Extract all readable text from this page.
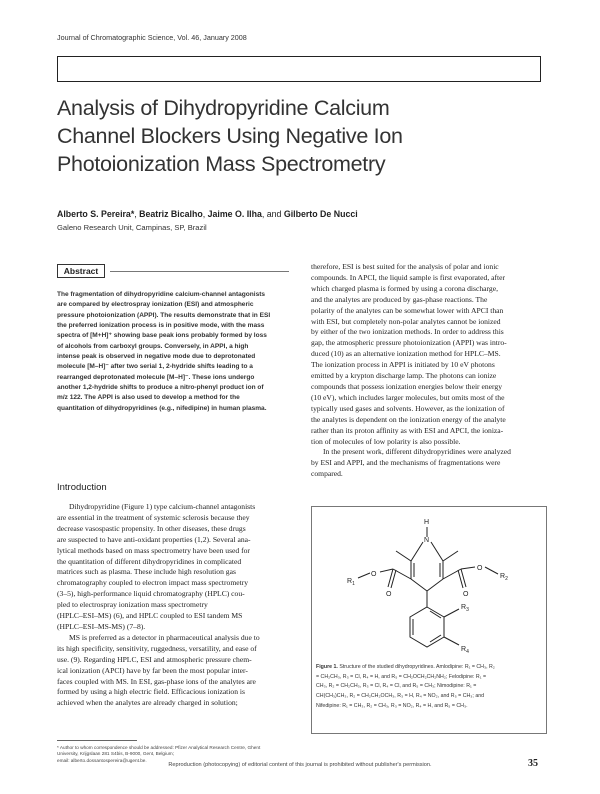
Journal of Chromatographic Science, Vol. 46, January 2008
Analysis of Dihydropyridine Calcium
Channel Blockers Using Negative Ion
Photoionization Mass Spectrometry
Alberto S. Pereira*, Beatriz Bicalho, Jaime O. Ilha, and Gilberto De Nucci
Galeno Research Unit, Campinas, SP, Brazil
Abstract
The fragmentation of dihydropyridine calcium-channel antagonists
are compared by electrospray ionization (ESI) and atmospheric
pressure photoionization (APPI). The results demonstrate that in ESI
the preferred ionization process is in positive mode, with the mass
spectra of [M+H]⁺ showing base peak ions probably formed by loss
of alcohols from carboxyl groups. Conversely, in APPI, a high
intense peak is observed in negative mode due to deprotonated
molecule [M–H]⁻ after two serial 1, 2-hydride shifts leading to a
rearranged deprotonated molecule [M–H]⁻. These ions undergo
another 1,2-hydride shifts to produce a nitro-phenyl product ion of
m/z 122. The APPI is also used to develop a method for the
quantitation of dihydropyridines (e.g., nifedipine) in human plasma.
Introduction
Dihydropyridine (Figure 1) type calcium-channel antagonists
are essential in the treatment of systemic sclerosis because they
decrease vasospastic propensity. In other diseases, these drugs
are suspected to have anti-oxidant properties (1,2). Several ana-
lytical methods based on mass spectrometry have been used for
the quantitation of different dihydropyridines in complicated
matrices such as plasma. These include high resolution gas
chromatography coupled to electron impact mass spectrometry
(3–5), high-performance liquid chromatography (HPLC) cou-
pled to electrospray ionization mass spectrometry
(HPLC–ESI–MS) (6), and HPLC coupled to ESI tandem MS
(HPLC–ESI–MS-MS) (7–8).
MS is preferred as a detector in pharmaceutical analysis due to
its high specificity, sensitivity, ruggedness, versatility, and ease of
use. (9). Regarding HPLC, ESI and atmospheric pressure chem-
ical ionization (APCI) have by far been the most popular inter-
faces coupled with MS. In ESI, gas-phase ions of the analytes are
formed by using a high electric field. Efficacious ionization is
achieved when the analytes are already charged in solution;
therefore, ESI is best suited for the analysis of polar and ionic
compounds. In APCI, the liquid sample is first evaporated, after
which charged plasma is formed by using a corona discharge,
and the analytes are produced by gas-phase reactions. The
polarity of the analytes can be somewhat lower with APCI than
with ESI, but completely non-polar analytes cannot be ionized
by either of the two ionization methods. In order to address this
gap, the atmospheric pressure photoionization (APPI) was intro-
duced (10) as an alternative ionization method for HPLC–MS.
The ionization process in APPI is initiated by 10 eV photons
emitted by a krypton discharge lamp. The photons can ionize
compounds that possess ionization energies below their energy
(10 eV), which includes larger molecules, but omits most of the
typically used gases and solvents. However, as the ionization of
the analytes is dependent on the ionization energy of the analyte
rather than its proton affinity as with ESI and APCI, the ioniza-
tion of molecules of low polarity is also possible.
In the present work, different dihydropyridines were analyzed
by ESI and APPI, and the mechanisms of fragmentations were
compared.
H
N
O
O
O
O
$R_2$
$R_1$
$R_3$
$R_4$
Figure 1. Structure of the studied dihydropyridines. Amlodipine: R₁ = CH₃, R₂
= CH₂CH₃, R₃ = Cl, R₄ = H, and R₅ = CH₂OCH₂CH₂NH₂; Felodipine: R₁ =
CH₃, R₂ = CH₂CH₃, R₃ = Cl, R₄ = Cl, and R₅ = CH₃; Nimodipine: R₁ =
CH(CH₃)CH₃, R₂ = CH₂CH₂OCH₃, R₃ = H, R₄ = NO₂, and R₅ = CH₃; and
Nifedipine: R₁ = CH₃, R₂ = CH₃, R₃ = NO₂, R₄ = H, and R₅ = CH₃.
* Author to whom correspondence should be addressed: Pfizer Analytical Research Centre, Ghent
University, Krijgslaan 281 S4bis, B-9000, Gent, Belgium;
email: alberto.dossantospereira@ugent.be.
Reproduction (photocopying) of editorial content of this journal is prohibited without publisher's permission.	35
